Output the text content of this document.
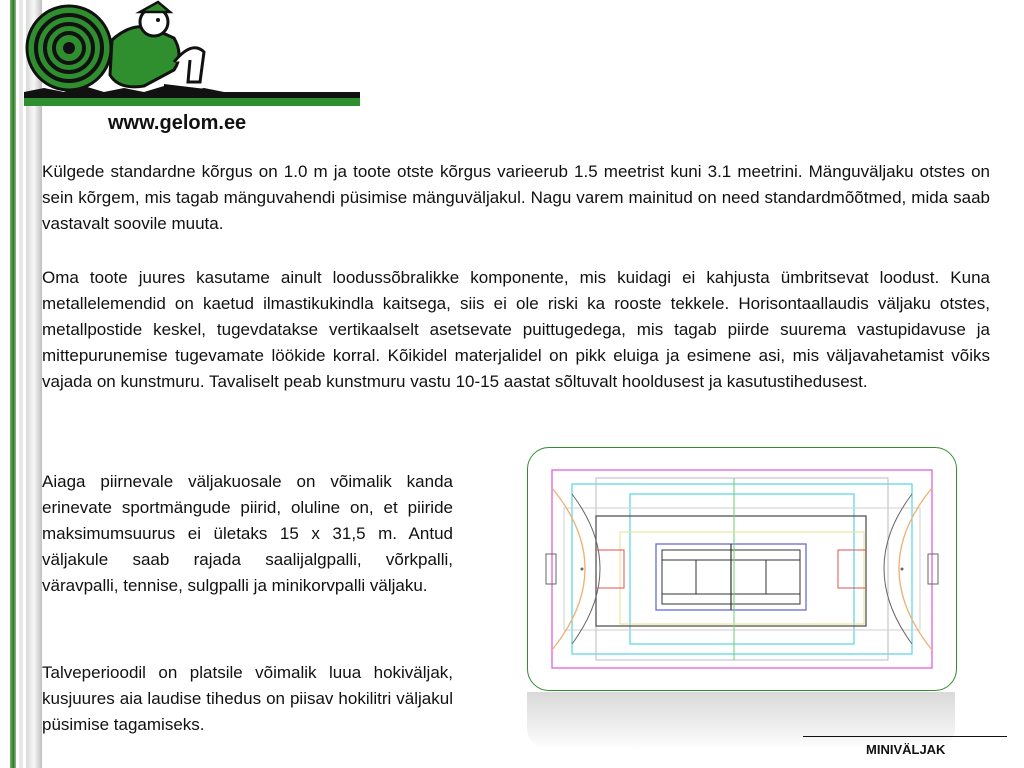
www.gelom.ee

Külgede standardne kõrgus on 1.0 m ja toote otste kõrgus varieerub 1.5 meetrist kuni 3.1 meetrini. Mänguväljaku otstes on sein kõrgem, mis tagab mänguvahendi püsimise mänguväljakul. Nagu varem mainitud on need standardmõõtmed, mida saab vastavalt soovile muuta.

Oma toote juures kasutame ainult loodussõbralikke komponente, mis kuidagi ei kahjusta ümbritsevat loodust. Kuna metallelemendid on kaetud ilmastikukindla kaitsega, siis ei ole riski ka rooste tekkele. Horisontaallaudis väljaku otstes, metallpostide keskel, tugevdatakse vertikaalselt asetsevate puittugedega, mis tagab piirde suurema vastupidavuse ja mittepurunemise tugevamate löökide korral. Kõikidel materjalidel on pikk eluiga ja esimene asi, mis väljavahetamist võiks vajada on kunstmuru. Tavaliselt peab kunstmuru vastu 10-15 aastat sõltuvalt hooldusest ja kasutustihedusest.

Aiaga piirnevale väljakuosale on võimalik kanda erinevate sportmängude piirid, oluline on, et piiride maksimumsuurus ei ületaks 15 x 31,5 m. Antud väljakule saab rajada saalijalgpalli, võrkpalli, väravpalli, tennise, sulgpalli ja minikorvpalli väljaku.

Talveperioodil on platsile võimalik luua hokiväljak, kusjuures aia laudise tihedus on piisav hokilitri väljakul püsimise tagamiseks.

MINIVÄLJAK
